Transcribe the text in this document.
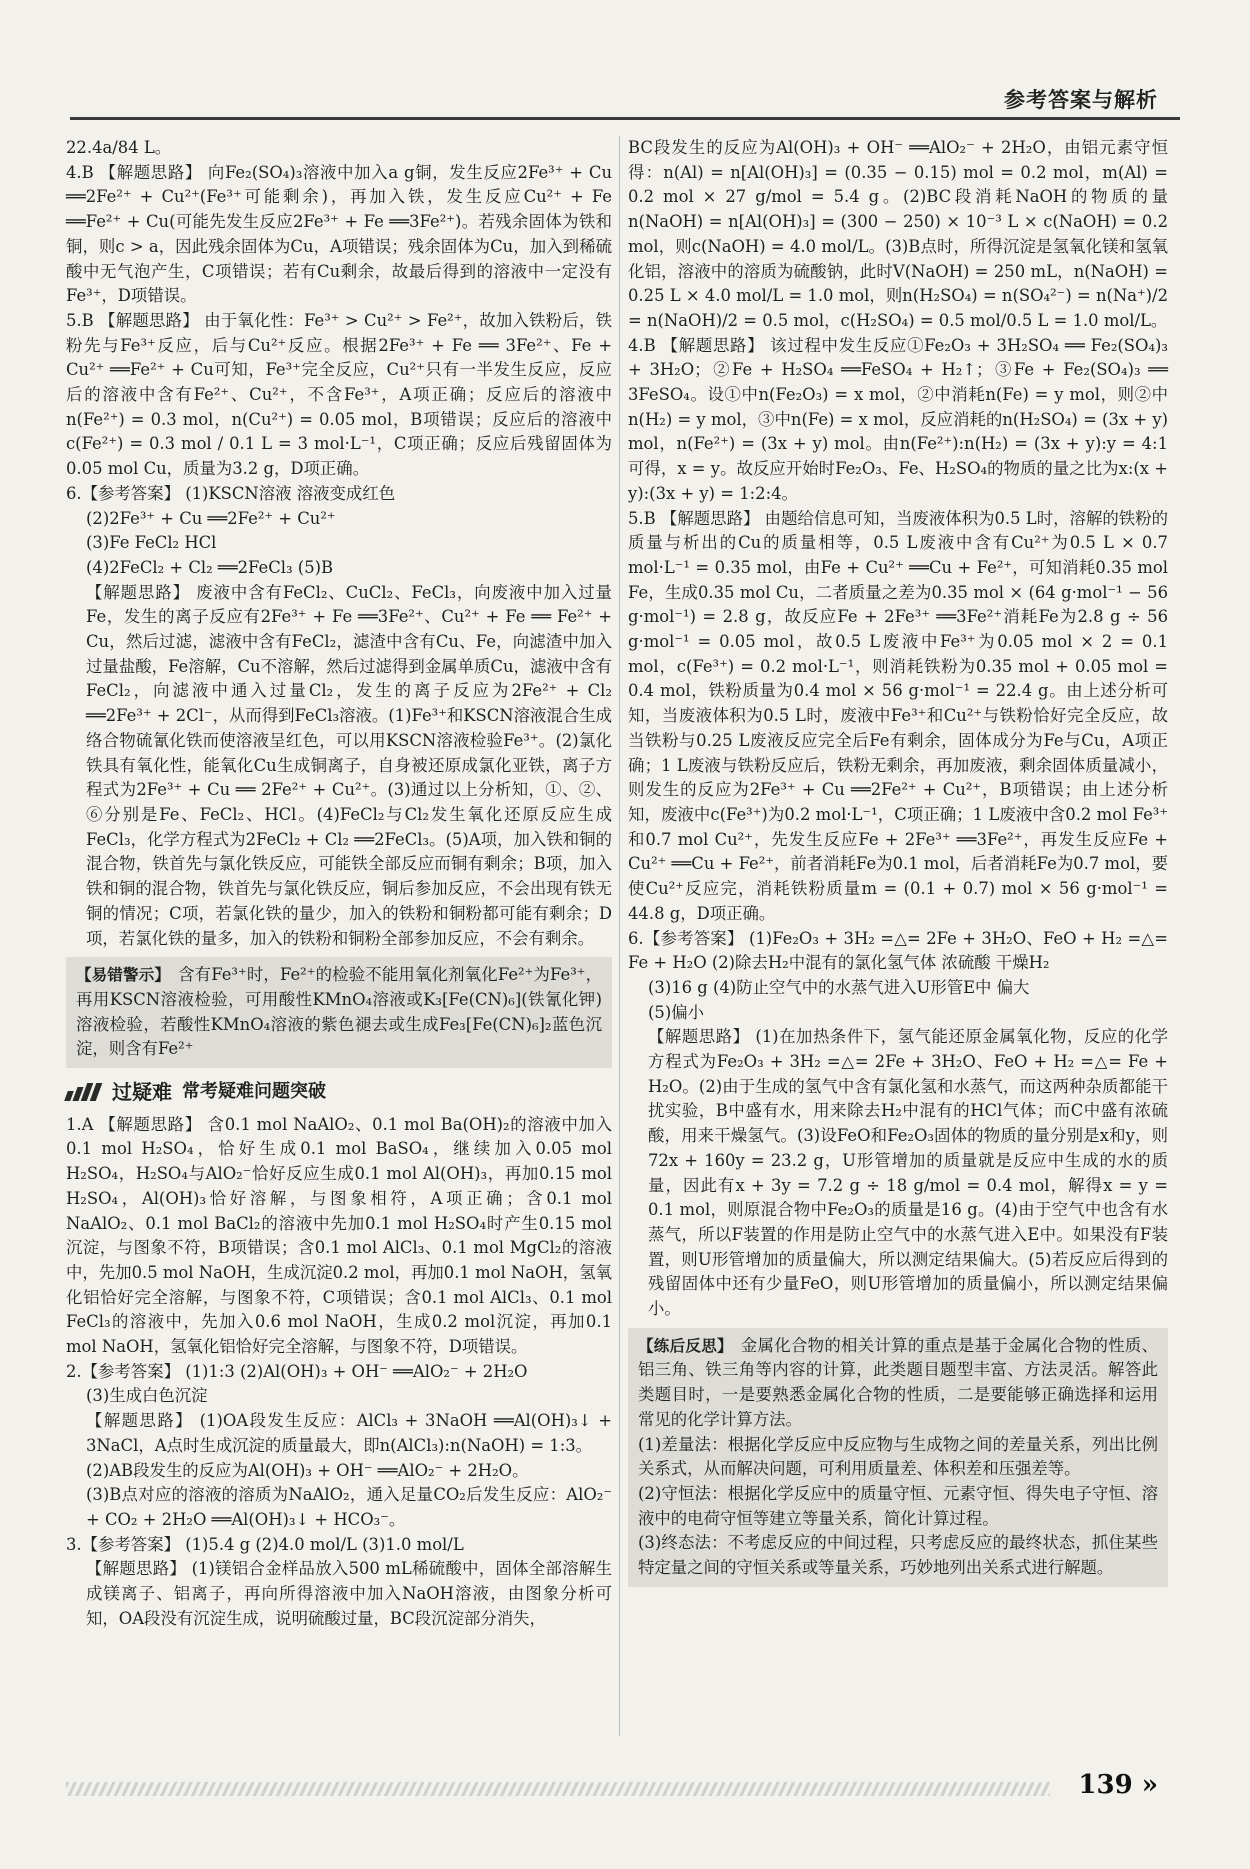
参考答案与解析

22.4a/84 L。

4.B 【解题思路】 向Fe₂(SO₄)₃溶液中加入a g铜，发生反应2Fe³⁺ + Cu ══2Fe²⁺ + Cu²⁺(Fe³⁺可能剩余)，再加入铁，发生反应Cu²⁺ + Fe ══Fe²⁺ + Cu(可能先发生反应2Fe³⁺ + Fe ══3Fe²⁺)。若残余固体为铁和铜，则c > a，因此残余固体为Cu，A项错误；残余固体为Cu，加入到稀硫酸中无气泡产生，C项错误；若有Cu剩余，故最后得到的溶液中一定没有Fe³⁺，D项错误。

5.B 【解题思路】 由于氧化性：Fe³⁺ > Cu²⁺ > Fe²⁺，故加入铁粉后，铁粉先与Fe³⁺反应，后与Cu²⁺反应。根据2Fe³⁺ + Fe ══ 3Fe²⁺、Fe + Cu²⁺ ══Fe²⁺ + Cu可知，Fe³⁺完全反应，Cu²⁺只有一半发生反应，反应后的溶液中含有Fe²⁺、Cu²⁺，不含Fe³⁺，A项正确；反应后的溶液中n(Fe²⁺) = 0.3 mol，n(Cu²⁺) = 0.05 mol，B项错误；反应后的溶液中c(Fe²⁺) = 0.3 mol / 0.1 L = 3 mol·L⁻¹，C项正确；反应后残留固体为0.05 mol Cu，质量为3.2 g，D项正确。

6.【参考答案】 (1)KSCN溶液 溶液变成红色

(2)2Fe³⁺ + Cu ══2Fe²⁺ + Cu²⁺

(3)Fe FeCl₂ HCl

(4)2FeCl₂ + Cl₂ ══2FeCl₃ (5)B

【解题思路】 废液中含有FeCl₂、CuCl₂、FeCl₃，向废液中加入过量Fe，发生的离子反应有2Fe³⁺ + Fe ══3Fe²⁺、Cu²⁺ + Fe ══ Fe²⁺ + Cu，然后过滤，滤液中含有FeCl₂，滤渣中含有Cu、Fe，向滤渣中加入过量盐酸，Fe溶解，Cu不溶解，然后过滤得到金属单质Cu，滤液中含有FeCl₂，向滤液中通入过量Cl₂，发生的离子反应为2Fe²⁺ + Cl₂ ══2Fe³⁺ + 2Cl⁻，从而得到FeCl₃溶液。(1)Fe³⁺和KSCN溶液混合生成络合物硫氰化铁而使溶液呈红色，可以用KSCN溶液检验Fe³⁺。(2)氯化铁具有氧化性，能氧化Cu生成铜离子，自身被还原成氯化亚铁，离子方程式为2Fe³⁺ + Cu ══ 2Fe²⁺ + Cu²⁺。(3)通过以上分析知，①、②、⑥分别是Fe、FeCl₂、HCl。(4)FeCl₂与Cl₂发生氧化还原反应生成FeCl₃，化学方程式为2FeCl₂ + Cl₂ ══2FeCl₃。(5)A项，加入铁和铜的混合物，铁首先与氯化铁反应，可能铁全部反应而铜有剩余；B项，加入铁和铜的混合物，铁首先与氯化铁反应，铜后参加反应，不会出现有铁无铜的情况；C项，若氯化铁的量少，加入的铁粉和铜粉都可能有剩余；D项，若氯化铁的量多，加入的铁粉和铜粉全部参加反应，不会有剩余。

【易错警示】 含有Fe³⁺时，Fe²⁺的检验不能用氧化剂氧化Fe²⁺为Fe³⁺，再用KSCN溶液检验，可用酸性KMnO₄溶液或K₃[Fe(CN)₆](铁氰化钾)溶液检验，若酸性KMnO₄溶液的紫色褪去或生成Fe₃[Fe(CN)₆]₂蓝色沉淀，则含有Fe²⁺

过疑难 常考疑难问题突破

1.A 【解题思路】 含0.1 mol NaAlO₂、0.1 mol Ba(OH)₂的溶液中加入0.1 mol H₂SO₄，恰好生成0.1 mol BaSO₄，继续加入0.05 mol H₂SO₄，H₂SO₄与AlO₂⁻恰好反应生成0.1 mol Al(OH)₃，再加0.15 mol H₂SO₄，Al(OH)₃恰好溶解，与图象相符，A项正确；含0.1 mol NaAlO₂、0.1 mol BaCl₂的溶液中先加0.1 mol H₂SO₄时产生0.15 mol沉淀，与图象不符，B项错误；含0.1 mol AlCl₃、0.1 mol MgCl₂的溶液中，先加0.5 mol NaOH，生成沉淀0.2 mol，再加0.1 mol NaOH，氢氧化铝恰好完全溶解，与图象不符，C项错误；含0.1 mol AlCl₃、0.1 mol FeCl₃的溶液中，先加入0.6 mol NaOH，生成0.2 mol沉淀，再加0.1 mol NaOH，氢氧化铝恰好完全溶解，与图象不符，D项错误。

2.【参考答案】 (1)1:3 (2)Al(OH)₃ + OH⁻ ══AlO₂⁻ + 2H₂O

(3)生成白色沉淀

【解题思路】 (1)OA段发生反应：AlCl₃ + 3NaOH ══Al(OH)₃↓ + 3NaCl，A点时生成沉淀的质量最大，即n(AlCl₃):n(NaOH) = 1:3。

(2)AB段发生的反应为Al(OH)₃ + OH⁻ ══AlO₂⁻ + 2H₂O。

(3)B点对应的溶液的溶质为NaAlO₂，通入足量CO₂后发生反应：AlO₂⁻ + CO₂ + 2H₂O ══Al(OH)₃↓ + HCO₃⁻。

3.【参考答案】 (1)5.4 g (2)4.0 mol/L (3)1.0 mol/L

【解题思路】 (1)镁铝合金样品放入500 mL稀硫酸中，固体全部溶解生成镁离子、铝离子，再向所得溶液中加入NaOH溶液，由图象分析可知，OA段没有沉淀生成，说明硫酸过量，BC段沉淀部分消失，

BC段发生的反应为Al(OH)₃ + OH⁻ ══AlO₂⁻ + 2H₂O，由铝元素守恒得：n(Al) = n[Al(OH)₃] = (0.35 − 0.15) mol = 0.2 mol，m(Al) = 0.2 mol × 27 g/mol = 5.4 g。(2)BC段消耗NaOH的物质的量n(NaOH) = n[Al(OH)₃] = (300 − 250) × 10⁻³ L × c(NaOH) = 0.2 mol，则c(NaOH) = 4.0 mol/L。(3)B点时，所得沉淀是氢氧化镁和氢氧化铝，溶液中的溶质为硫酸钠，此时V(NaOH) = 250 mL，n(NaOH) = 0.25 L × 4.0 mol/L = 1.0 mol，则n(H₂SO₄) = n(SO₄²⁻) = n(Na⁺)/2 = n(NaOH)/2 = 0.5 mol，c(H₂SO₄) = 0.5 mol/0.5 L = 1.0 mol/L。

4.B 【解题思路】 该过程中发生反应①Fe₂O₃ + 3H₂SO₄ ══ Fe₂(SO₄)₃ + 3H₂O；②Fe + H₂SO₄ ══FeSO₄ + H₂↑；③Fe + Fe₂(SO₄)₃ ══ 3FeSO₄。设①中n(Fe₂O₃) = x mol，②中消耗n(Fe) = y mol，则②中n(H₂) = y mol，③中n(Fe) = x mol，反应消耗的n(H₂SO₄) = (3x + y) mol，n(Fe²⁺) = (3x + y) mol。由n(Fe²⁺):n(H₂) = (3x + y):y = 4:1可得，x = y。故反应开始时Fe₂O₃、Fe、H₂SO₄的物质的量之比为x:(x + y):(3x + y) = 1:2:4。

5.B 【解题思路】 由题给信息可知，当废液体积为0.5 L时，溶解的铁粉的质量与析出的Cu的质量相等，0.5 L废液中含有Cu²⁺为0.5 L × 0.7 mol·L⁻¹ = 0.35 mol，由Fe + Cu²⁺ ══Cu + Fe²⁺，可知消耗0.35 mol Fe，生成0.35 mol Cu，二者质量之差为0.35 mol × (64 g·mol⁻¹ − 56 g·mol⁻¹) = 2.8 g，故反应Fe + 2Fe³⁺ ══3Fe²⁺消耗Fe为2.8 g ÷ 56 g·mol⁻¹ = 0.05 mol，故0.5 L废液中Fe³⁺为0.05 mol × 2 = 0.1 mol，c(Fe³⁺) = 0.2 mol·L⁻¹，则消耗铁粉为0.35 mol + 0.05 mol = 0.4 mol，铁粉质量为0.4 mol × 56 g·mol⁻¹ = 22.4 g。由上述分析可知，当废液体积为0.5 L时，废液中Fe³⁺和Cu²⁺与铁粉恰好完全反应，故当铁粉与0.25 L废液反应完全后Fe有剩余，固体成分为Fe与Cu，A项正确；1 L废液与铁粉反应后，铁粉无剩余，再加废液，剩余固体质量减小，则发生的反应为2Fe³⁺ + Cu ══2Fe²⁺ + Cu²⁺，B项错误；由上述分析知，废液中c(Fe³⁺)为0.2 mol·L⁻¹，C项正确；1 L废液中含0.2 mol Fe³⁺和0.7 mol Cu²⁺，先发生反应Fe + 2Fe³⁺ ══3Fe²⁺，再发生反应Fe + Cu²⁺ ══Cu + Fe²⁺，前者消耗Fe为0.1 mol，后者消耗Fe为0.7 mol，要使Cu²⁺反应完，消耗铁粉质量m = (0.1 + 0.7) mol × 56 g·mol⁻¹ = 44.8 g，D项正确。

6.【参考答案】 (1)Fe₂O₃ + 3H₂ =△= 2Fe + 3H₂O、FeO + H₂ =△= Fe + H₂O (2)除去H₂中混有的氯化氢气体 浓硫酸 干燥H₂

(3)16 g (4)防止空气中的水蒸气进入U形管E中 偏大

(5)偏小

【解题思路】 (1)在加热条件下，氢气能还原金属氧化物，反应的化学方程式为Fe₂O₃ + 3H₂ =△= 2Fe + 3H₂O、FeO + H₂ =△= Fe + H₂O。(2)由于生成的氢气中含有氯化氢和水蒸气，而这两种杂质都能干扰实验，B中盛有水，用来除去H₂中混有的HCl气体；而C中盛有浓硫酸，用来干燥氢气。(3)设FeO和Fe₂O₃固体的物质的量分别是x和y，则72x + 160y = 23.2 g，U形管增加的质量就是反应中生成的水的质量，因此有x + 3y = 7.2 g ÷ 18 g/mol = 0.4 mol，解得x = y = 0.1 mol，则原混合物中Fe₂O₃的质量是16 g。(4)由于空气中也含有水蒸气，所以F装置的作用是防止空气中的水蒸气进入E中。如果没有F装置，则U形管增加的质量偏大，所以测定结果偏大。(5)若反应后得到的残留固体中还有少量FeO，则U形管增加的质量偏小，所以测定结果偏小。

【练后反思】 金属化合物的相关计算的重点是基于金属化合物的性质、铝三角、铁三角等内容的计算，此类题目题型丰富、方法灵活。解答此类题目时，一是要熟悉金属化合物的性质，二是要能够正确选择和运用常见的化学计算方法。

(1)差量法：根据化学反应中反应物与生成物之间的差量关系，列出比例关系式，从而解决问题，可利用质量差、体积差和压强差等。

(2)守恒法：根据化学反应中的质量守恒、元素守恒、得失电子守恒、溶液中的电荷守恒等建立等量关系，简化计算过程。

(3)终态法：不考虑反应的中间过程，只考虑反应的最终状态，抓住某些特定量之间的守恒关系或等量关系，巧妙地列出关系式进行解题。

139 »
